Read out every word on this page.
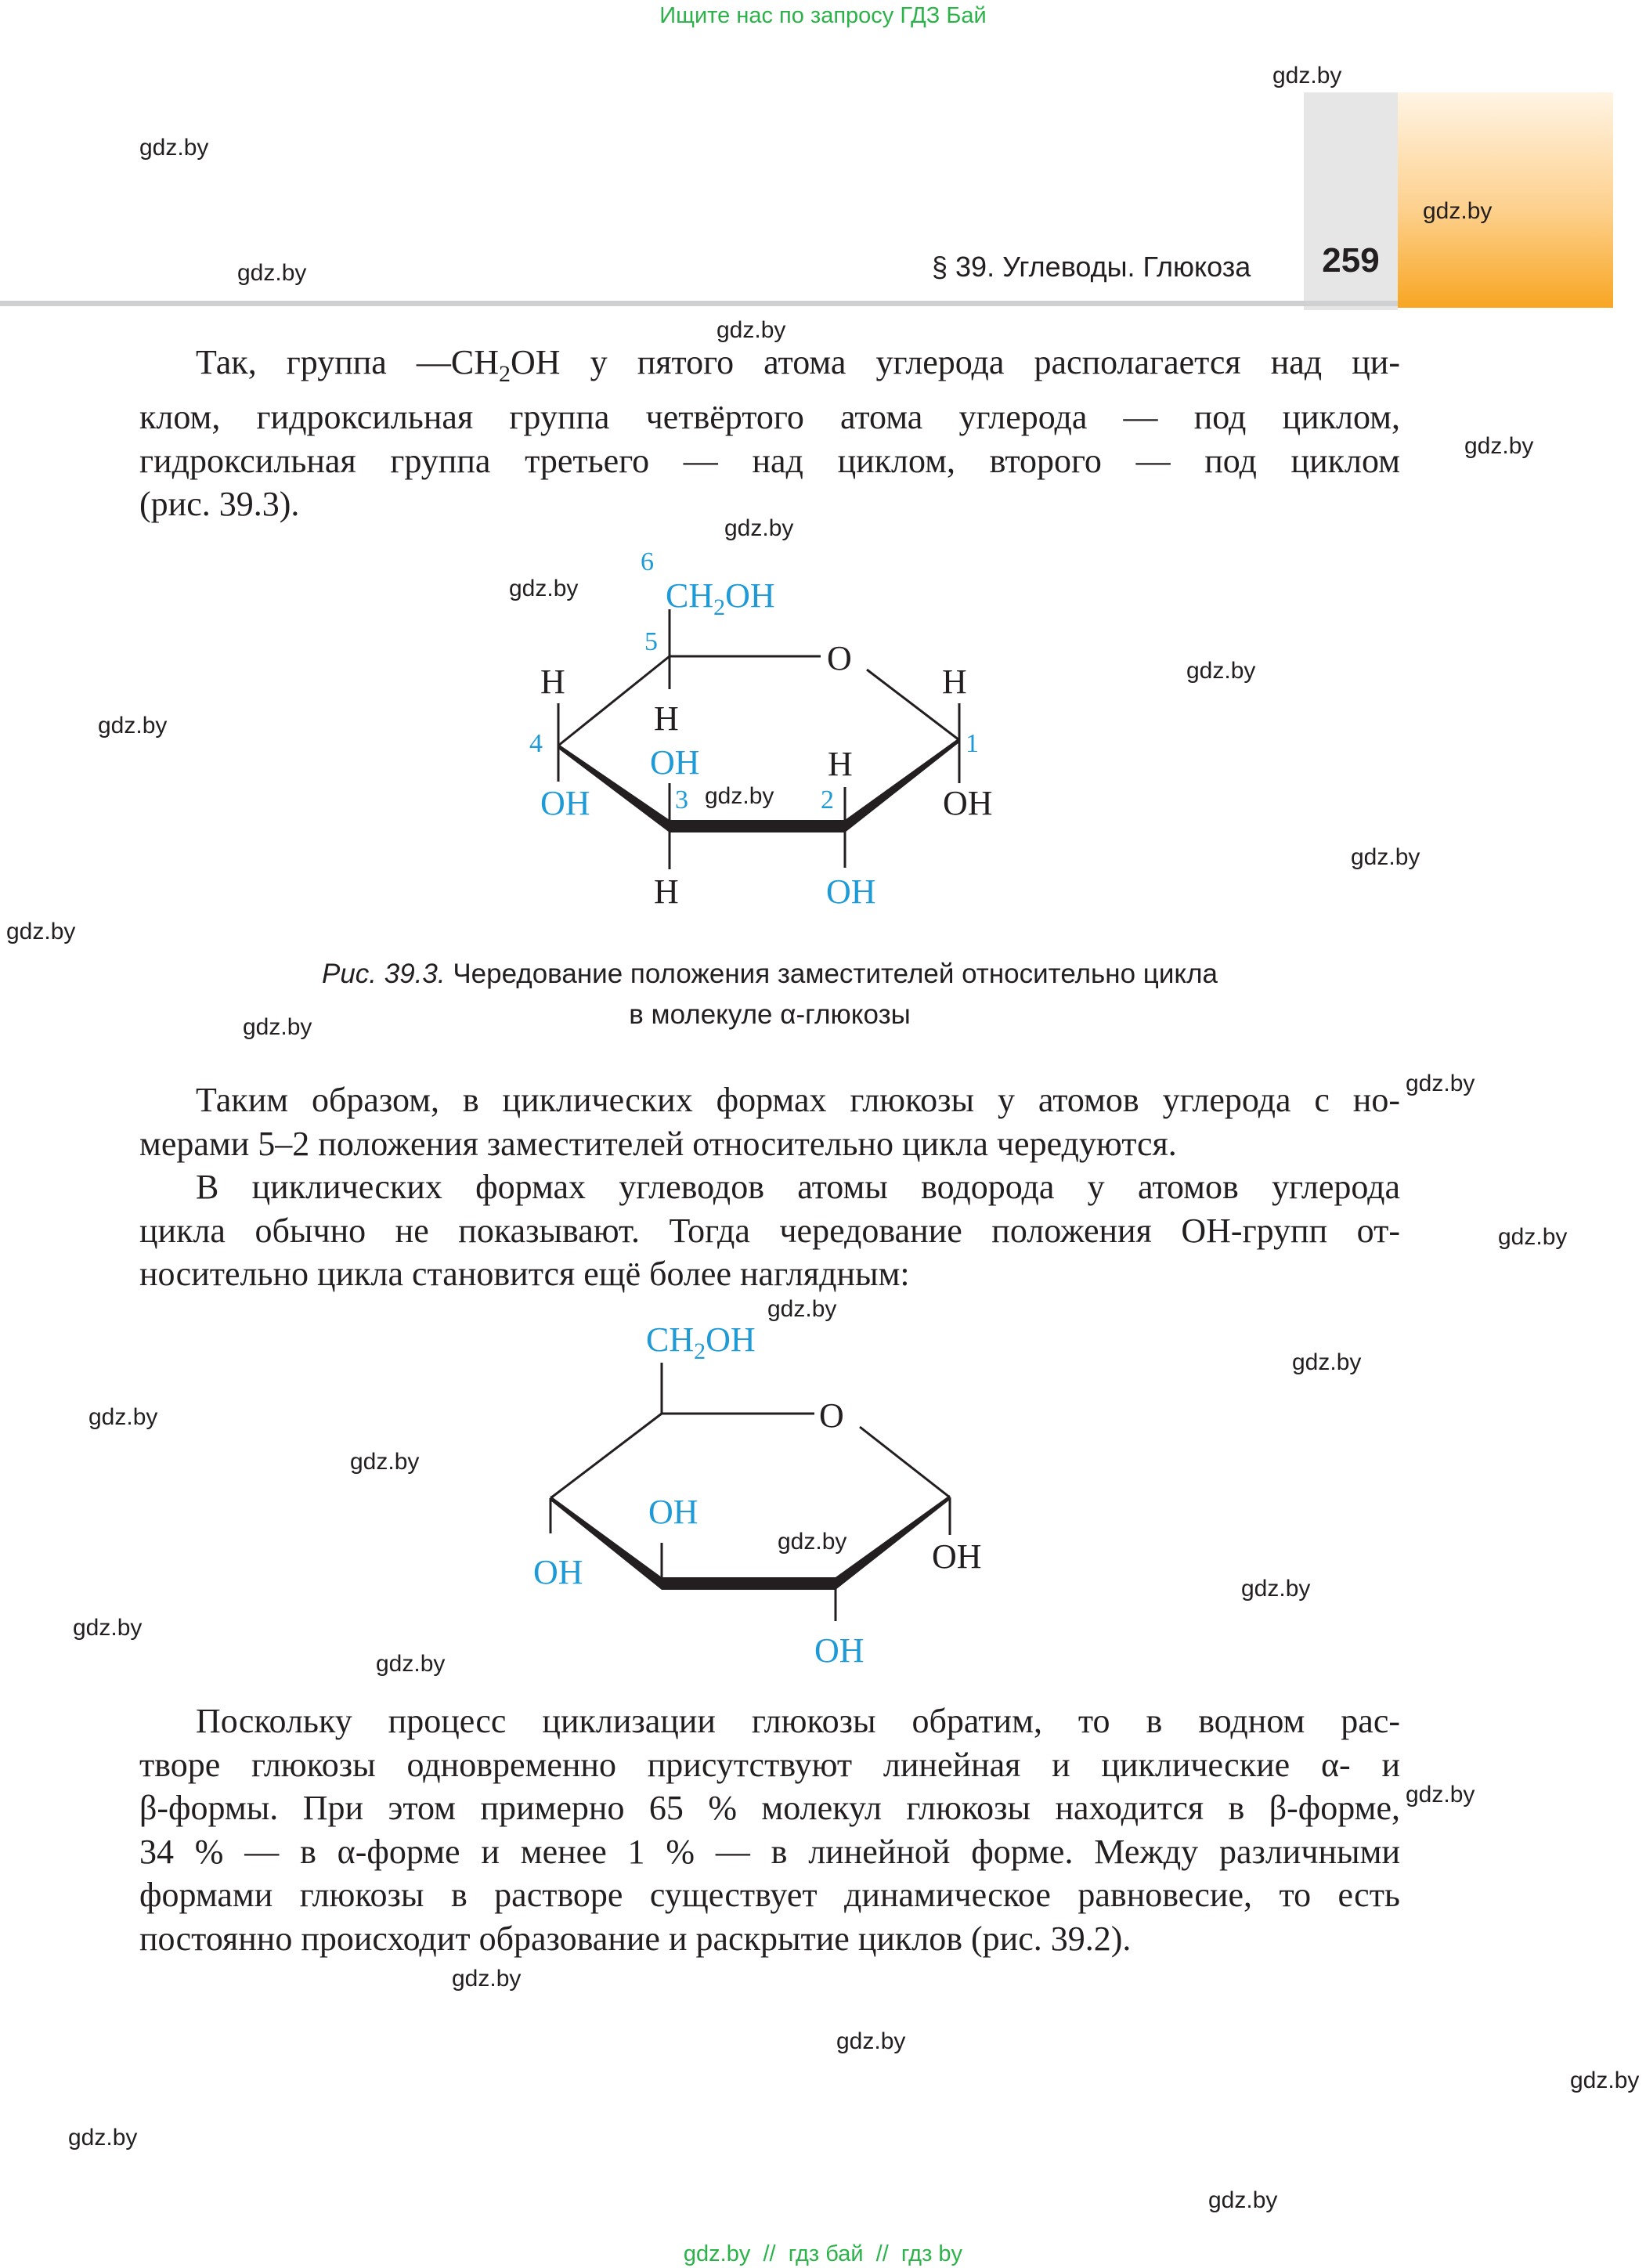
Ищите нас по запросу ГДЗ Бай
§ 39. Углеводы. Глюкоза	259
Так, группа $—CH_2OH$ у пятого атома углерода располагается над ци-
клом, гидроксильная группа четвёртого атома углерода — под циклом,
гидроксильная группа третьего — над циклом, второго — под циклом
(рис. 39.3).
$CH_2OH$
O
H
H
H
H
H
OH
OH
OH
OH
6
5
4
3	2
1
Рис. 39.3. Чередование положения заместителей относительно цикла
в молекуле α-глюкозы
Таким образом, в циклических формах глюкозы у атомов углерода с но-
мерами 5–2 положения заместителей относительно цикла чередуются.
В циклических формах углеводов атомы водорода у атомов углерода
цикла обычно не показывают. Тогда чередование положения OH-групп от-
носительно цикла становится ещё более наглядным:
$CH_2OH$
O
OH
OH	OH
OH
Поскольку процесс циклизации глюкозы обратим, то в водном рас-
творе глюкозы одновременно присутствуют линейная и циклические α- и
β-формы. При этом примерно 65 % молекул глюкозы находится в β-форме,
34 % — в α-форме и менее 1 % — в линейной форме. Между различными
формами глюкозы в растворе существует динамическое равновесие, то есть
постоянно происходит образование и раскрытие циклов (рис. 39.2).
gdz.by
gdz.by
gdz.by
gdz.by
gdz.by
gdz.by
gdz.by
gdz.by
gdz.by
gdz.by
gdz.by
gdz.by
gdz.by
gdz.by
gdz.by
gdz.by
gdz.by
gdz.by
gdz.by
gdz.by
gdz.by
gdz.by
gdz.by
gdz.by
gdz.by
gdz.by
gdz.by
gdz.by
gdz.by
gdz.by
gdz.by  //  гдз бай  //  гдз by
